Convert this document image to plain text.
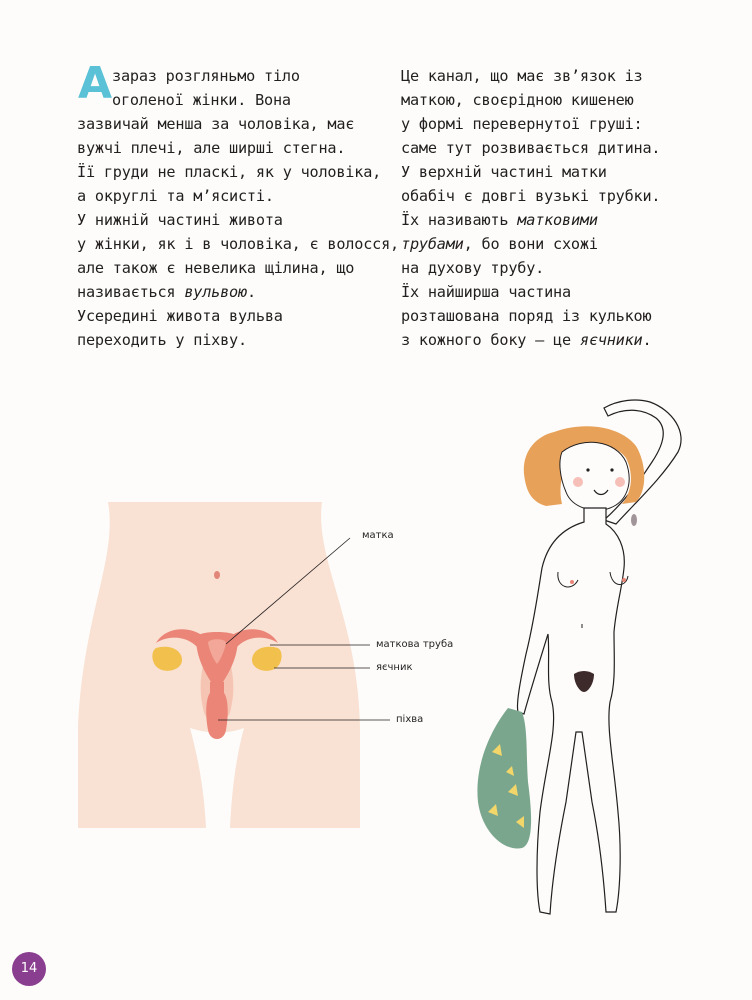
А зараз розгляньмо тіло
оголеної жінки. Вона
зазвичай менша за чоловіка, має
вужчі плечі, але ширші стегна.
Її груди не пласкі, як у чоловіка,
а округлі та м’ясисті.
У нижній частині живота
у жінки, як і в чоловіка, є волосся,
але також є невелика щілина, що
називається вульвою.
Усередині живота вульва
переходить у піхву.
Це канал, що має зв’язок із
маткою, своєрідною кишенею
у формі перевернутої груші:
саме тут розвивається дитина.
У верхній частині матки
обабіч є довгі вузькі трубки.
Їх називають матковими
трубами, бо вони схожі
на духову трубу.
Їх найширша частина
розташована поряд із кулькою
з кожного боку — це яєчники.
матка
маткова труба
яєчник
піхва
14
